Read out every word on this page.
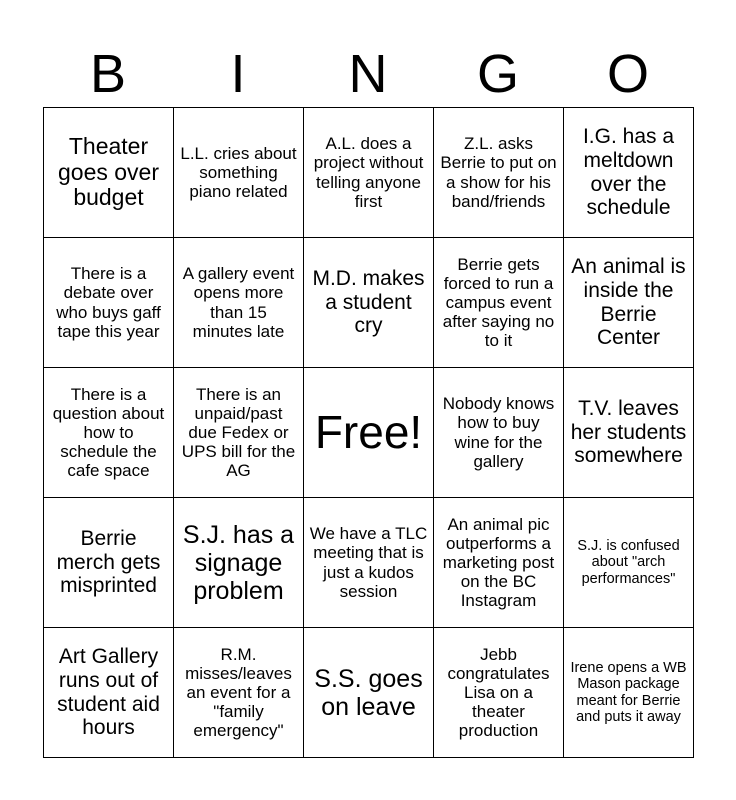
B	I	N	G	O
Theater goes over budget	L.L. cries about something piano related	A.L. does a project without telling anyone first	Z.L. asks Berrie to put on a show for his band/friends	I.G. has a meltdown over the schedule
There is a debate over who buys gaff tape this year	A gallery event opens more than 15 minutes late	M.D. makes a student cry	Berrie gets forced to run a campus event after saying no to it	An animal is inside the Berrie Center
There is a question about how to schedule the cafe space	There is an unpaid/past due Fedex or UPS bill for the AG	Free!	Nobody knows how to buy wine for the gallery	T.V. leaves her students somewhere
Berrie merch gets misprinted	S.J. has a signage problem	We have a TLC meeting that is just a kudos session	An animal pic outperforms a marketing post on the BC Instagram	S.J. is confused about "arch performances"
Art Gallery runs out of student aid hours	R.M. misses/leaves an event for a "family emergency"	S.S. goes on leave	Jebb congratulates Lisa on a theater production	Irene opens a WB Mason package meant for Berrie and puts it away
